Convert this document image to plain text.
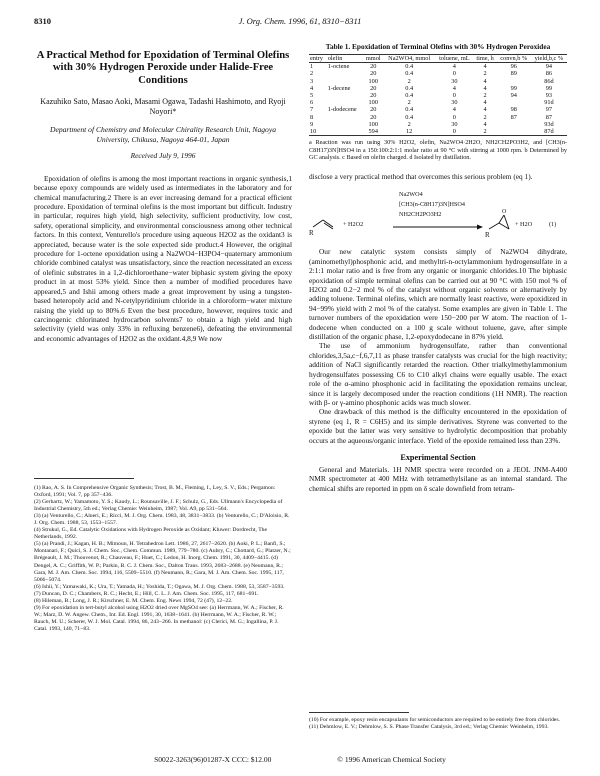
8310	J. Org. Chem. 1996, 61, 8310−8311
A Practical Method for Epoxidation of Terminal Olefins with 30% Hydrogen Peroxide under Halide-Free Conditions
Kazuhiko Sato, Masao Aoki, Masami Ogawa, Tadashi Hashimoto, and Ryoji Noyori*
Department of Chemistry and Molecular Chirality Research Unit, Nagoya University, Chikusa, Nagoya 464-01, Japan
Received July 9, 1996

Epoxidation of olefins is among the most important reactions in organic synthesis,1 because epoxy compounds are widely used as intermediates in the laboratory and for chemical manufacturing.2 There is an ever increasing demand for a practical efficient procedure. Epoxidation of terminal olefins is the most important but difficult. Industry in particular, requires high yield, high selectivity, sufficient productivity, low cost, safety, operational simplicity, and environmental consciousness among other technical factors. In this context, Venturello's procedure using aqueous H2O2 as the oxidant3 is appreciated, because water is the sole expected side product.4 However, the original procedure for 1-octene epoxidation using a Na2WO4−H3PO4−quaternary ammonium chloride combined catalyst was unsatisfactory, since the reaction necessitated an excess of olefinic substrates in a 1,2-dichloroethane−water biphasic system giving the epoxy product in at most 53% yield. Since then a number of modified procedures have appeared,5 and Ishii among others made a great improvement by using a tungsten-based heteropoly acid and N-cetylpyridinium chloride in a chloroform−water mixture raising the yield up to 80%.6 Even the best procedure, however, requires toxic and carcinogenic chlorinated hydrocarbon solvents7 to obtain a high yield and high selectivity (yield was only 33% in refluxing benzene6), defeating the environmental and economic advantages of H2O2 as the oxidant.4,8,9 We now

(1) Rao, A. S. In Comprehensive Organic Synthesis; Trost, B. M., Fleming, I., Ley, S. V., Eds.; Pergamon: Oxford, 1991; Vol. 7, pp 357−436.
(2) Gerhartz, W.; Yamamoto, Y. S.; Kaudy, L.; Rounsaville, J. F.; Schulz, G., Eds. Ullmann's Encyclopedia of Industrial Chemistry, 5th ed.; Verlag Chemie: Weinheim, 1987; Vol. A9, pp 531−564.
(3) (a) Venturello, C.; Alneri, E.; Ricci, M. J. Org. Chem. 1983, 48, 3831−3833. (b) Venturello, C.; D'Aloisio, R. J. Org. Chem. 1988, 53, 1553−1557.
(4) Strukul, G., Ed. Catalytic Oxidations with Hydrogen Peroxide as Oxidant; Kluwer: Dordrecht, The Netherlands, 1992.
(5) (a) Prandi, J.; Kagan, H. B.; Mimoun, H. Tetrahedron Lett. 1986, 27, 2617−2620. (b) Aoki, P. L.; Banfi, S.; Montanari, F.; Quici, S. J. Chem. Soc., Chem. Commun. 1989, 779−780. (c) Aubry, C.; Chottard, G.; Platzer, N.; Brégeault, J. M.; Thouvenot, R.; Chauveau, F.; Huet, C.; Ledon, H. Inorg. Chem. 1991, 30, 4409−4415. (d) Dengel, A. C.; Griffith, W. P.; Parkin, B. C. J. Chem. Soc., Dalton Trans. 1993, 2683−2688. (e) Neumann, R.; Gara, M. J. Am. Chem. Soc. 1994, 116, 5509−5510. (f) Neumann, R.; Gara, M. J. Am. Chem. Soc. 1995, 117, 5066−5074.
(6) Ishii, Y.; Yamawaki, K.; Ura, T.; Yamada, H.; Yoshida, T.; Ogawa, M. J. Org. Chem. 1988, 53, 3587−3593.
(7) Duncan, D. C.; Chambers, R. C.; Hecht, E.; Hill, C. L. J. Am. Chem. Soc. 1995, 117, 681−691.
(8) Hileman, B.; Long, J. R.; Kirschner, E. M. Chem. Eng. News 1994, 72 (47), 12−22.
(9) For epoxidation in tert-butyl alcohol using H2O2 dried over MgSO4 see: (a) Herrmann, W. A.; Fischer, R. W.; Marz, D. W. Angew. Chem., Int. Ed. Engl. 1991, 30, 1638−1641. (b) Herrmann, W. A.; Fischer, R. W.; Rauch, M. U.; Scherer, W. J. Mol. Catal. 1994, 86, 243−266. In methanol: (c) Clerici, M. G.; Ingallina, P. J. Catal. 1993, 140, 71−83.
Table 1. Epoxidation of Terminal Olefins with 30% Hydrogen Peroxidea
entry	olefin	mmol	Na2WO4, mmol	toluene, mL	time, h	convn,b %	yield,b,c %

1	1-octene	20	0.4	4	4	96	94
2		20	0.4	0	2	89	86
3		100	2	30	4		86d
4	1-decene	20	0.4	4	4	99	99
5		20	0.4	0	2	94	93
6		100	2	30	4		91d
7	1-dodecene	20	0.4	4	4	98	97
8		20	0.4	0	2	87	87
9		100	2	30	4		93d
10		594	12	0	2		87d
a Reaction was run using 30% H2O2, olefin, Na2WO4·2H2O, NH2CH2PO3H2, and [CH3(n-C8H17)3N]HSO4 in a 150:100:2:1:1 molar ratio at 90 °C with stirring at 1000 rpm. b Determined by GC analysis. c Based on olefin charged. d Isolated by distillation.

disclose a very practical method that overcomes this serious problem (eq 1).

R
O
R
+ H2O2
Na2WO4
[CH3(n-C8H17)3N]HSO4
NH2CH2PO3H2
+ H2O	(1)

Our new catalytic system consists simply of Na2WO4 dihydrate, (aminomethyl)phosphonic acid, and methyltri-n-octylammonium hydrogensulfate in a 2:1:1 molar ratio and is free from any organic or inorganic chlorides.10 The biphasic epoxidation of simple terminal olefins can be carried out at 90 °C with 150 mol % of H2O2 and 0.2−2 mol % of the catalyst without organic solvents or alternatively by adding toluene. Terminal olefins, which are normally least reactive, were epoxidized in 94−99% yield with 2 mol % of the catalyst. Some examples are given in Table 1. The turnover numbers of the epoxidation were 150−200 per W atom. The reaction of 1-dodecene when conducted on a 100 g scale without toluene, gave, after simple distillation of the organic phase, 1,2-epoxydodecane in 87% yield.

The use of ammonium hydrogensulfate, rather than conventional chlorides,3,5a,c−f,6,7,11 as phase transfer catalysts was crucial for the high reactivity; addition of NaCl significantly retarded the reaction. Other trialkylmethylammonium hydrogensulfates possessing C6 to C10 alkyl chains were equally usable. The exact role of the α-amino phosphonic acid in facilitating the epoxidation remains unclear, since it is largely decomposed under the reaction conditions (1H NMR). The reaction with β- or γ-amino phosphonic acids was much slower.

One drawback of this method is the difficulty encountered in the epoxidation of styrene (eq 1, R = C6H5) and its simple derivatives. Styrene was converted to the epoxide but the latter was very sensitive to hydrolytic decomposition that probably occurs at the aqueous/organic interface. Yield of the epoxide remained less than 23%.

Experimental Section

General and Materials. 1H NMR spectra were recorded on a JEOL JNM-A400 NMR spectrometer at 400 MHz with tetramethylsilane as an internal standard. The chemical shifts are reported in ppm on δ scale downfield from tetram-

(10) For example, epoxy resin encapsulants for semiconductors are required to be entirely free from chlorides.
(11) Dehmlow, E. V.; Dehmlow, S. S. Phase Transfer Catalysis, 3rd ed.; Verlag Chemie: Weinheim, 1993.
S0022-3263(96)01287-X CCC: $12.00	© 1996 American Chemical Society
